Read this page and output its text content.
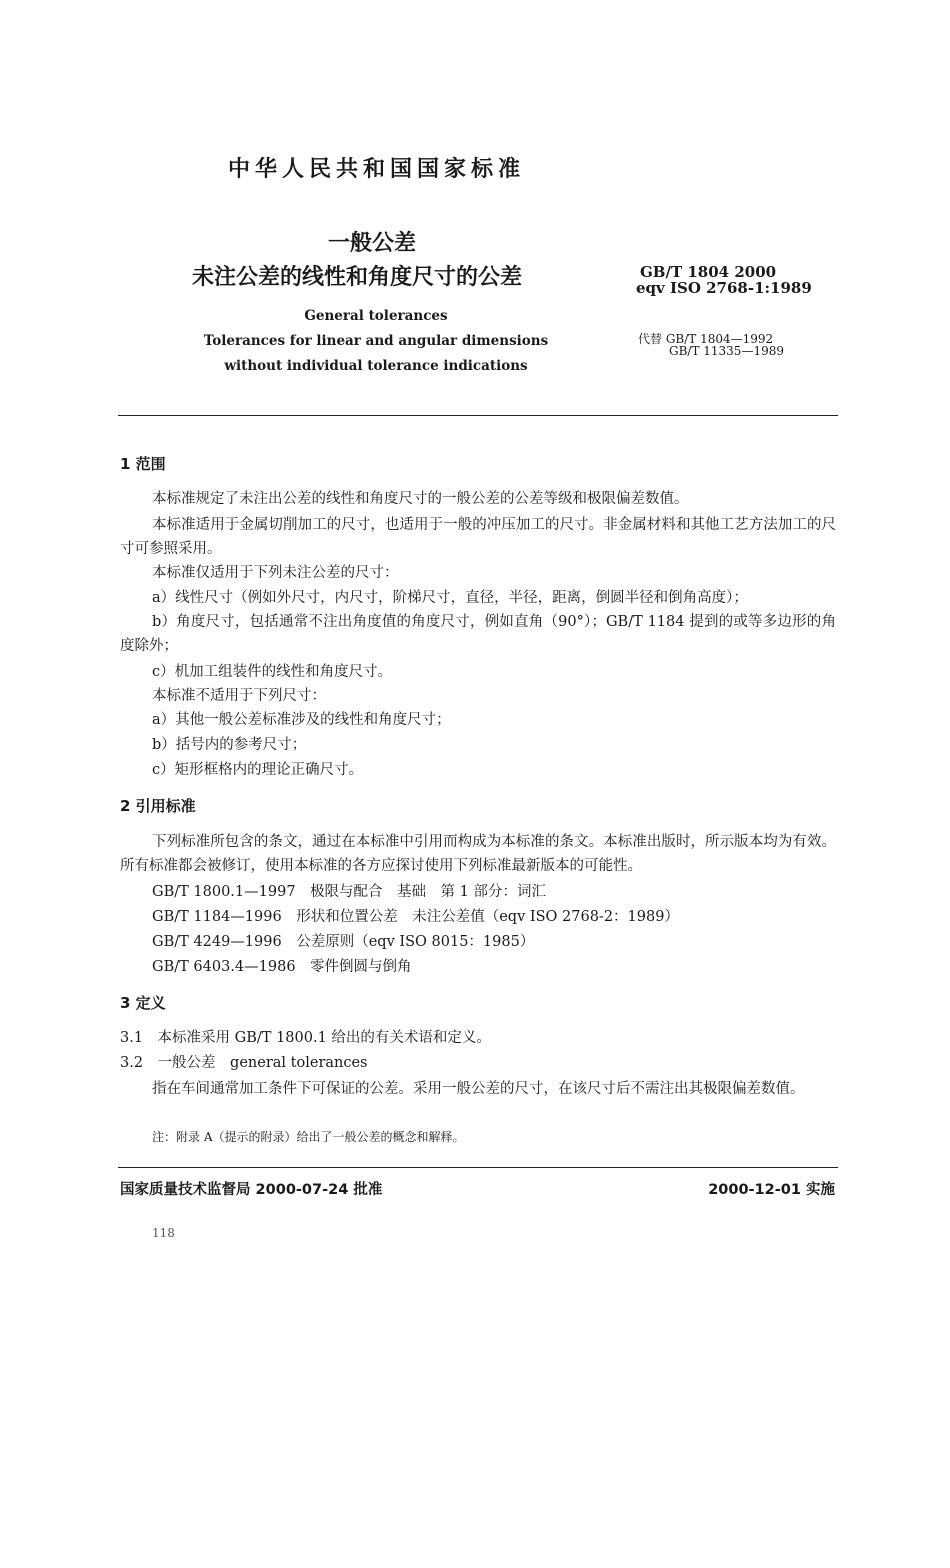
中华人民共和国国家标准
一般公差
未注公差的线性和角度尺寸的公差	GB/T 1804 2000
eqv ISO 2768-1:1989
General tolerances
Tolerances for linear and angular dimensions
without individual tolerance indications
代替 GB/T 1804—1992
GB/T 11335—1989
1 范围
本标准规定了未注出公差的线性和角度尺寸的一般公差的公差等级和极限偏差数值。
本标准适用于金属切削加工的尺寸，也适用于一般的冲压加工的尺寸。非金属材料和其他工艺方法加工的尺寸可参照采用。
本标准仅适用于下列未注公差的尺寸：
a）线性尺寸（例如外尺寸，内尺寸，阶梯尺寸，直径，半径，距离，倒圆半径和倒角高度）；
b）角度尺寸，包括通常不注出角度值的角度尺寸，例如直角（90°）；GB/T 1184 提到的或等多边形的角度除外；
c）机加工组装件的线性和角度尺寸。
本标准不适用于下列尺寸：
a）其他一般公差标准涉及的线性和角度尺寸；
b）括号内的参考尺寸；
c）矩形框格内的理论正确尺寸。
2 引用标准
下列标准所包含的条文，通过在本标准中引用而构成为本标准的条文。本标准出版时，所示版本均为有效。所有标准都会被修订，使用本标准的各方应探讨使用下列标准最新版本的可能性。
GB/T 1800.1—1997　极限与配合　基础　第 1 部分：词汇
GB/T 1184—1996　形状和位置公差　未注公差值（eqv ISO 2768-2：1989）
GB/T 4249—1996　公差原则（eqv ISO 8015：1985）
GB/T 6403.4—1986　零件倒圆与倒角
3 定义
3.1　本标准采用 GB/T 1800.1 给出的有关术语和定义。
3.2　一般公差　general tolerances
指在车间通常加工条件下可保证的公差。采用一般公差的尺寸，在该尺寸后不需注出其极限偏差数值。
注：附录 A（提示的附录）给出了一般公差的概念和解释。
国家质量技术监督局 2000-07-24 批准	2000-12-01 实施
118
